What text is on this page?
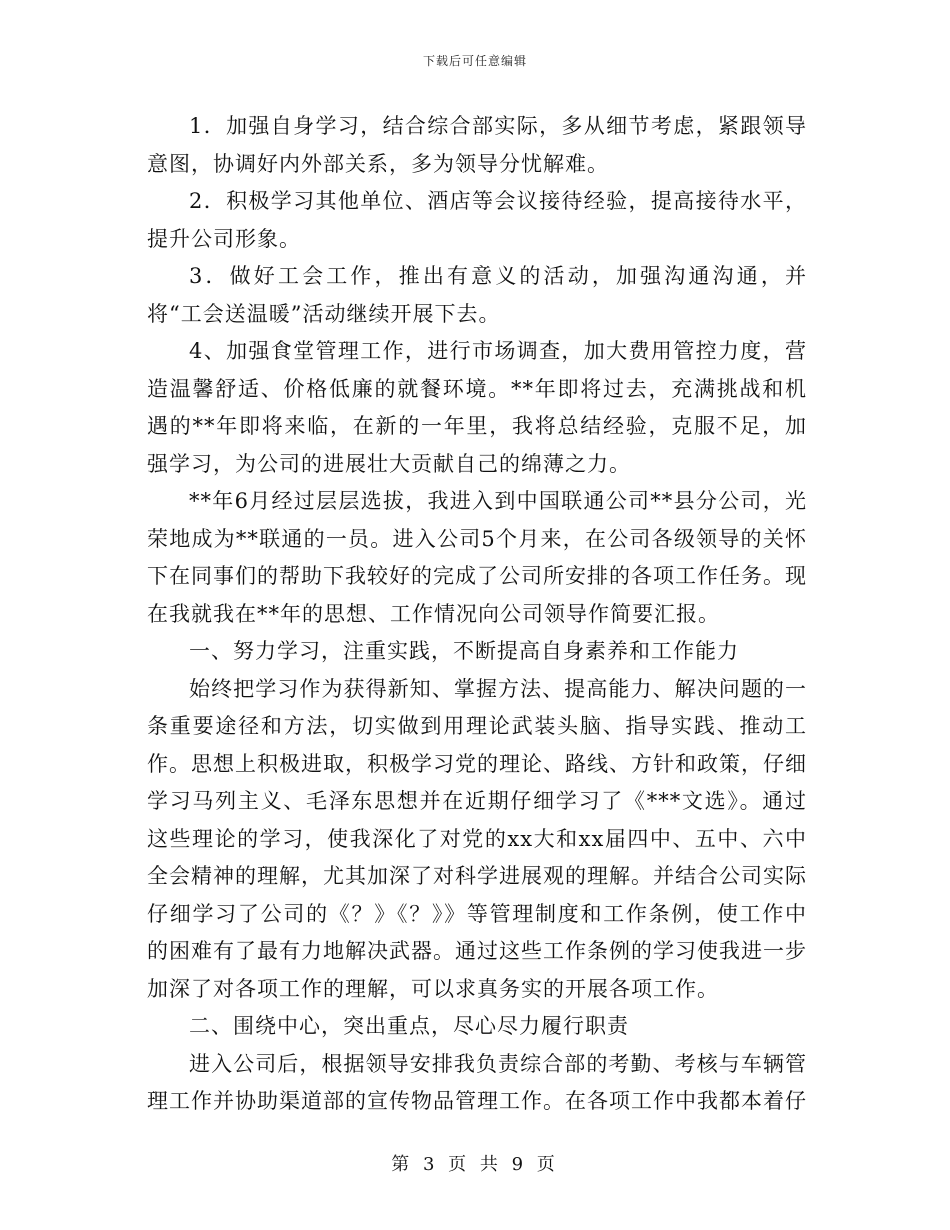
下载后可任意编辑

1．加强自身学习，结合综合部实际，多从细节考虑，紧跟领导意图，协调好内外部关系，多为领导分忧解难。

2．积极学习其他单位、酒店等会议接待经验，提高接待水平，提升公司形象。

3．做好工会工作，推出有意义的活动，加强沟通沟通，并将“工会送温暖”活动继续开展下去。

4、加强食堂管理工作，进行市场调查，加大费用管控力度，营造温馨舒适、价格低廉的就餐环境。**年即将过去，充满挑战和机遇的**年即将来临，在新的一年里，我将总结经验，克服不足，加强学习，为公司的进展壮大贡献自己的绵薄之力。

**年6月经过层层选拔，我进入到中国联通公司**县分公司，光荣地成为**联通的一员。进入公司5个月来，在公司各级领导的关怀下在同事们的帮助下我较好的完成了公司所安排的各项工作任务。现在我就我在**年的思想、工作情况向公司领导作简要汇报。

一、努力学习，注重实践，不断提高自身素养和工作能力

始终把学习作为获得新知、掌握方法、提高能力、解决问题的一条重要途径和方法，切实做到用理论武装头脑、指导实践、推动工作。思想上积极进取，积极学习党的理论、路线、方针和政策，仔细学习马列主义、毛泽东思想并在近期仔细学习了《***文选》。通过这些理论的学习，使我深化了对党的xx大和xx届四中、五中、六中全会精神的理解，尤其加深了对科学进展观的理解。并结合公司实际仔细学习了公司的《？》《？》》等管理制度和工作条例，使工作中的困难有了最有力地解决武器。通过这些工作条例的学习使我进一步加深了对各项工作的理解，可以求真务实的开展各项工作。

二、围绕中心，突出重点，尽心尽力履行职责

进入公司后，根据领导安排我负责综合部的考勤、考核与车辆管理工作并协助渠道部的宣传物品管理工作。在各项工作中我都本着仔

第 3 页 共 9 页
